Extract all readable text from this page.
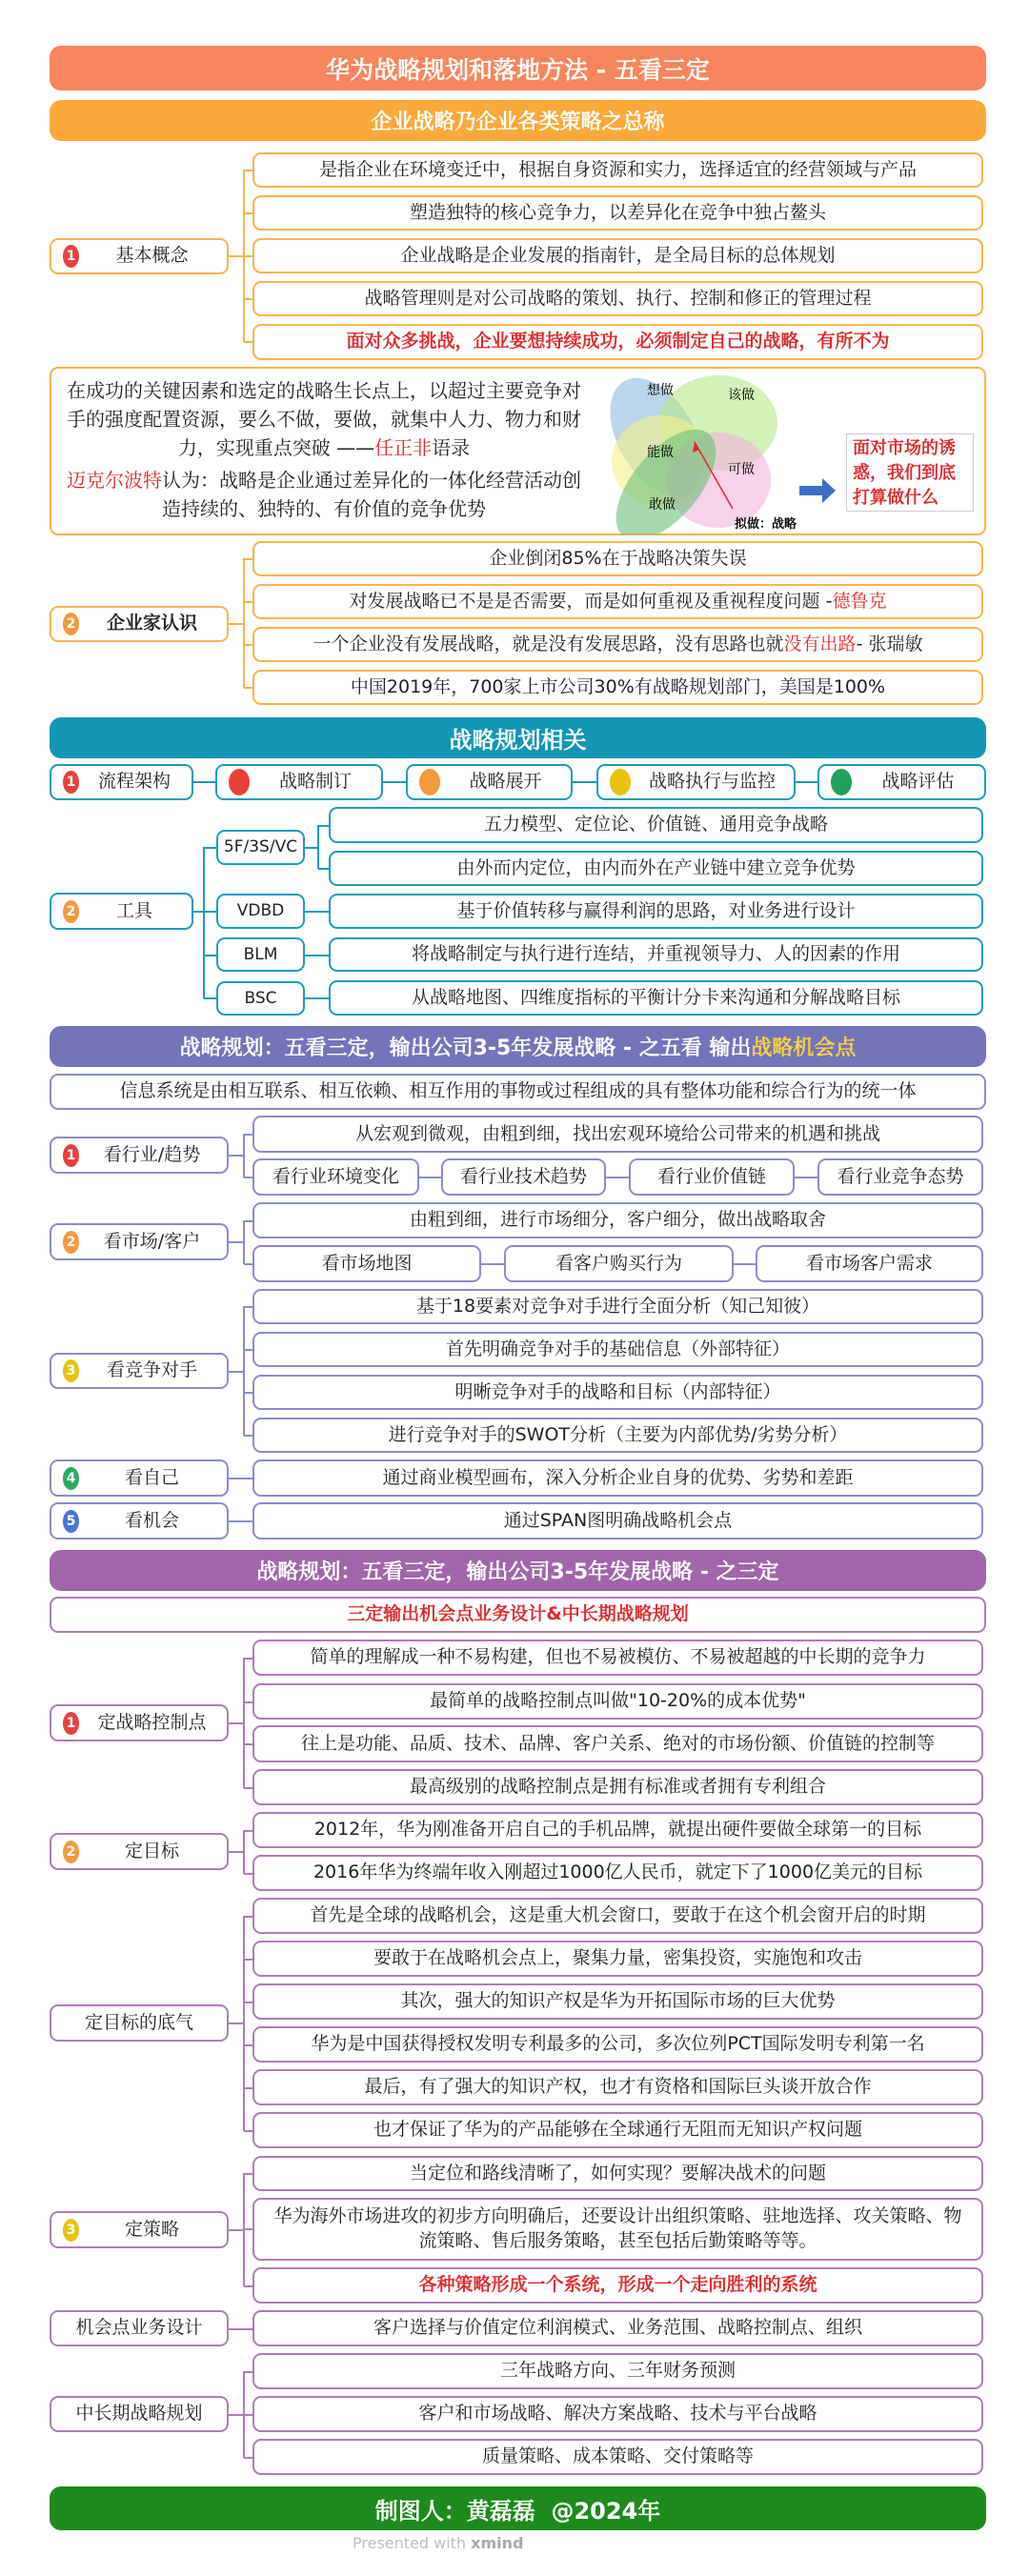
华为战略规划和落地方法 - 五看三定
企业战略乃企业各类策略之总称
1	基本概念
是指企业在环境变迁中，根据自身资源和实力，选择适宜的经营领域与产品
塑造独特的核心竞争力，以差异化在竞争中独占鳌头
企业战略是企业发展的指南针，是全局目标的总体规划
战略管理则是对公司战略的策划、执行、控制和修正的管理过程
面对众多挑战，企业要想持续成功，必须制定自己的战略，有所不为
在成功的关键因素和选定的战略生长点上，以超过主要竞争对手的强度配置资源，要么不做，要做，就集中人力、物力和财力，实现重点突破 ——任正非语录
迈克尔波特认为：战略是企业通过差异化的一体化经营活动创造持续的、独特的、有价值的竞争优势
想做	该做
能做
可做
敢做
拟做：战略
面对市场的诱惑，我们到底打算做什么
2	企业家认识
企业倒闭85%在于战略决策失误
对发展战略已不是是否需要，而是如何重视及重视程度问题 - 德鲁克
一个企业没有发展战略，就是没有发展思路，没有思路也就 没有出路 - 张瑞敏
中国2019年，700家上市公司30%有战略规划部门，美国是100%
战略规划相关
1	流程架构	战略制订	战略展开	战略执行与监控	战略评估
2	工具
5F/3S/VC
VDBD
BLM
BSC
五力模型、定位论、价值链、通用竞争战略
由外而内定位，由内而外在产业链中建立竞争优势
基于价值转移与赢得利润的思路，对业务进行设计
将战略制定与执行进行连结，并重视领导力、人的因素的作用
从战略地图、四维度指标的平衡计分卡来沟通和分解战略目标
战略规划：五看三定，输出公司3-5年发展战略 - 之五看 输出 战略机会点
信息系统是由相互联系、相互依赖、相互作用的事物或过程组成的具有整体功能和综合行为的统一体
1	看行业/趋势
从宏观到微观，由粗到细，找出宏观环境给公司带来的机遇和挑战
看行业环境变化	看行业技术趋势	看行业价值链	看行业竞争态势
2	看市场/客户
由粗到细，进行市场细分，客户细分，做出战略取舍
看市场地图	看客户购买行为	看市场客户需求
3	看竞争对手
基于18要素对竞争对手进行全面分析（知己知彼）
首先明确竞争对手的基础信息（外部特征）
明晰竞争对手的战略和目标（内部特征）
进行竞争对手的SWOT分析（主要为内部优势/劣势分析）
4	看自己	通过商业模型画布，深入分析企业自身的优势、劣势和差距
5	看机会	通过SPAN图明确战略机会点
战略规划：五看三定，输出公司3-5年发展战略 - 之三定
三定输出机会点业务设计&中长期战略规划
1	定战略控制点
简单的理解成一种不易构建，但也不易被模仿、不易被超越的中长期的竞争力
最简单的战略控制点叫做"10-20%的成本优势"
往上是功能、品质、技术、品牌、客户关系、绝对的市场份额、价值链的控制等
最高级别的战略控制点是拥有标准或者拥有专利组合
2	定目标
2012年，华为刚准备开启自己的手机品牌，就提出硬件要做全球第一的目标
2016年华为终端年收入刚超过1000亿人民币，就定下了1000亿美元的目标
定目标的底气
首先是全球的战略机会，这是重大机会窗口，要敢于在这个机会窗开启的时期
要敢于在战略机会点上，聚集力量，密集投资，实施饱和攻击
其次，强大的知识产权是华为开拓国际市场的巨大优势
华为是中国获得授权发明专利最多的公司，多次位列PCT国际发明专利第一名
最后，有了强大的知识产权，也才有资格和国际巨头谈开放合作
也才保证了华为的产品能够在全球通行无阻而无知识产权问题
3	定策略
当定位和路线清晰了，如何实现？要解决战术的问题
华为海外市场进攻的初步方向明确后，还要设计出组织策略、驻地选择、攻关策略、物流策略、售后服务策略，甚至包括后勤策略等等。
各种策略形成一个系统，形成一个走向胜利的系统
机会点业务设计	客户选择与价值定位利润模式、业务范围、战略控制点、组织
中长期战略规划
三年战略方向、三年财务预测
客户和市场战略、解决方案战略、技术与平台战略
质量策略、成本策略、交付策略等
制图人：黄磊磊  @2024年
Presented with xmind
